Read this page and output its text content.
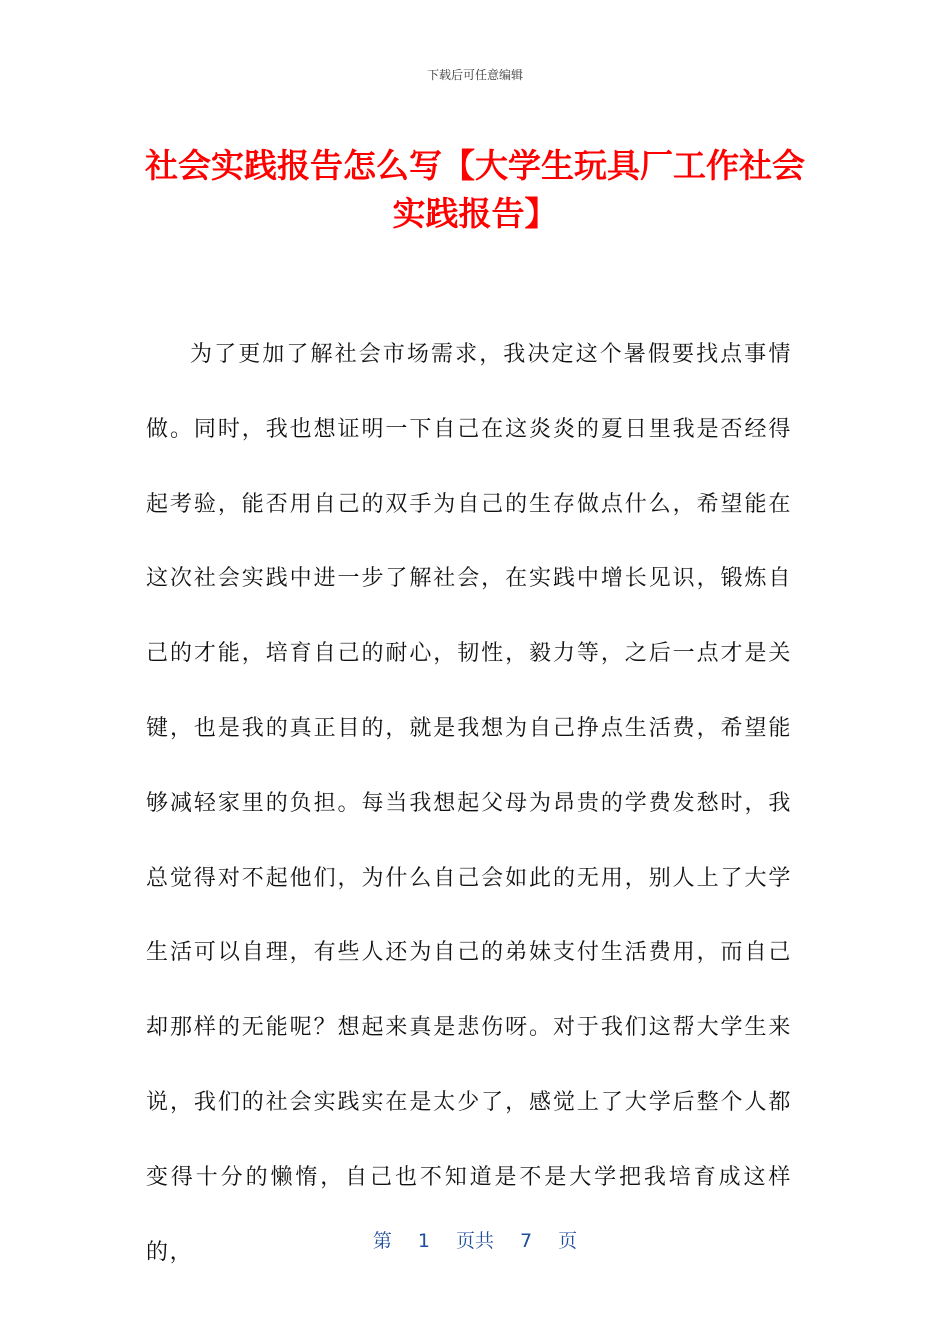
下载后可任意编辑
社会实践报告怎么写【大学生玩具厂工作社会实践报告】

为了更加了解社会市场需求，我决定这个暑假要找点事情做。同时，我也想证明一下自己在这炎炎的夏日里我是否经得起考验，能否用自己的双手为自己的生存做点什么，希望能在这次社会实践中进一步了解社会，在实践中增长见识，锻炼自己的才能，培育自己的耐心，韧性，毅力等，之后一点才是关键，也是我的真正目的，就是我想为自己挣点生活费，希望能够减轻家里的负担。每当我想起父母为昂贵的学费发愁时，我总觉得对不起他们，为什么自己会如此的无用，别人上了大学生活可以自理，有些人还为自己的弟妹支付生活费用，而自己却那样的无能呢？想起来真是悲伤呀。对于我们这帮大学生来说，我们的社会实践实在是太少了，感觉上了大学后整个人都变得十分的懒惰，自己也不知道是不是大学把我培育成这样的，	第 1 页共 7 页
